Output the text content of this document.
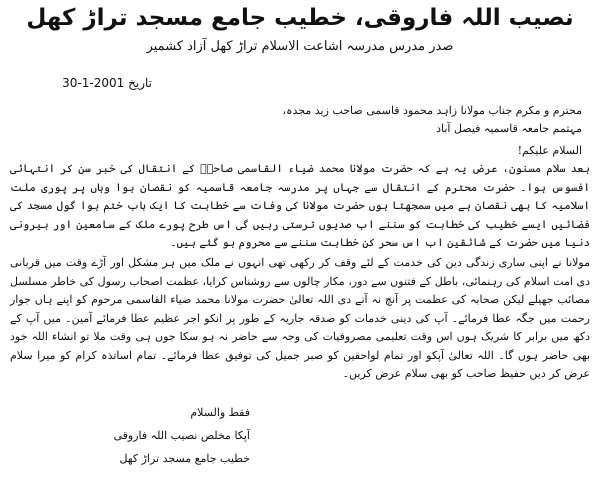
نصیب اللہ فاروقی، خطیب جامع مسجد تراڑ کھل
صدر مدرس مدرسہ اشاعت الاسلام تراڑ کھل آزاد کشمیر
تاریخ 30-1-2001
محترم و مکرم جناب مولانا زاہد محمود قاسمی صاحب زید مجدہ، مہتمم جامعہ قاسمیہ فیصل آباد
السلام علیکم!
بعد سلام مسنون، عرض یہ ہے کہ حضرت مولانا محمد ضیاء القاسمی صاحبؒ کے انتقال کی خبر سن کر انتہائی افسوس ہوا۔ حضرت محترم کے انتقال سے جہاں پر مدرسہ جامعہ قاسمیہ کو نقصان ہوا وہاں پر پوری ملت اسلامیہ کا بھی نقصان ہے میں سمجھتا ہوں حضرت مولانا کی وفات سے خطابت کا ایک باب ختم ہوا گول مسجد کی فضائیں ایسے خطیب کی خطابت کو سننے اب صدیوں ترستی رہیں گی اس طرح پورے ملک کے سامعین اور بیرونی دنیا میں حضرت کے شائقین اب اس سحر کن خطابت سننے سے محروم ہو گئے ہیں۔
مولانا نے اپنی ساری زندگی دین کی خدمت کے لئے وقف کر رکھی تھی انہوں نے ملک میں ہر مشکل اور آڑے وقت میں قربانی دی امت اسلام کی رہنمائی، باطل کے فتنوں سے دور، مکار چالوں سے روشناس کرایا، عظمت اصحاب رسول کی خاطر مسلسل مصائب جھیلے لیکن صحابہ کی عظمت پر آنچ نہ آنے دی اللہ تعالیٰ حضرت مولانا محمد ضیاء القاسمی مرحوم کو اپنے ہاں جوار رحمت میں جگہ عطا فرمائے۔ آپ کی دینی خدمات کو صدقہ جاریہ کے طور پر انکو اجر عظیم عطا فرمائے آمین۔ میں آپ کے دکھ میں برابر کا شریک ہوں اس وقت تعلیمی مصروفیات کی وجہ سے حاضر نہ ہو سکا جوں ہی وقت ملا تو انشاء اللہ خود بھی حاضر ہوں گا۔ اللہ تعالیٰ آپکو اور تمام لواحقین کو صبر جمیل کی توفیق عطا فرمائے۔ تمام اساتذہ کرام کو میرا سلام عرض کر دیں حفیظ صاحب کو بھی سلام عرض کریں۔
فقط والسلام
آپکا مخلص نصیب اللہ فاروقی
خطیب جامع مسجد تراڑ کھل
